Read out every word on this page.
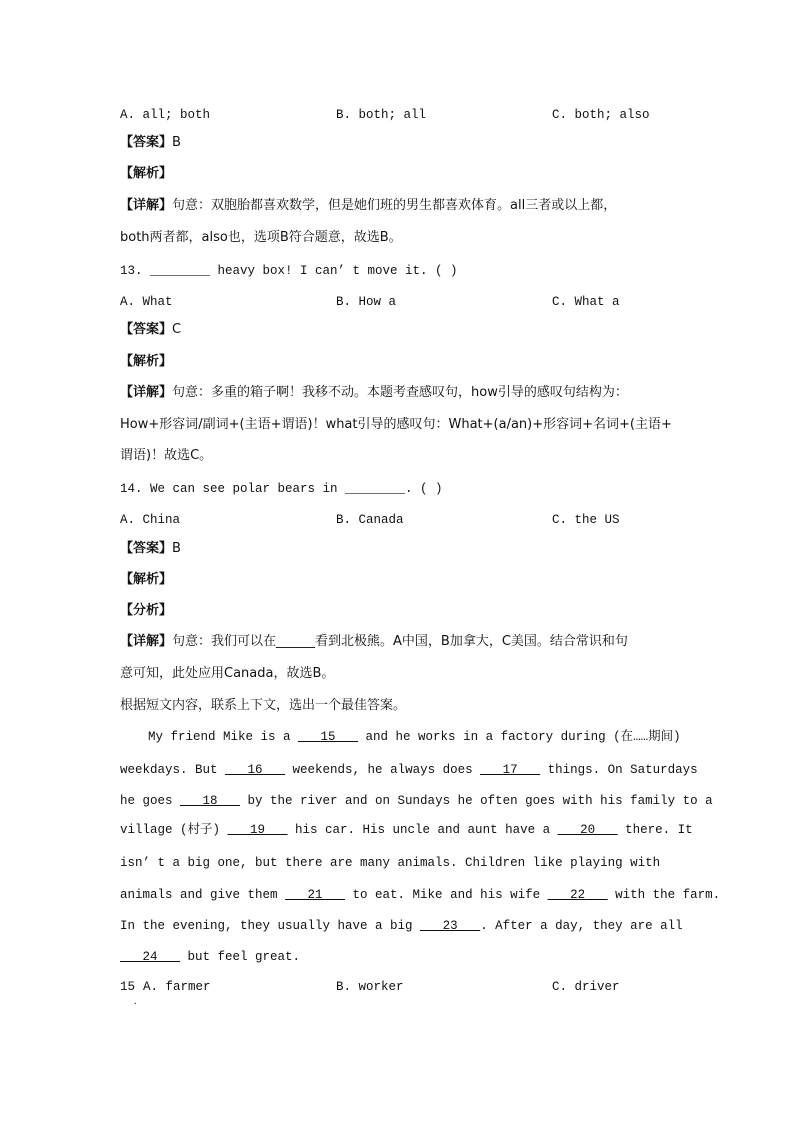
A. all; both	B. both; all	C. both; also
【答案】B
【解析】
【详解】句意：双胞胎都喜欢数学，但是她们班的男生都喜欢体育。all三者或以上都，
both两者都，also也，选项B符合题意，故选B。
13. ________ heavy box! I can’ t move it. ( )
A. What	B. How a	C. What a
【答案】C
【解析】
【详解】句意：多重的箱子啊！我移不动。本题考查感叹句，how引导的感叹句结构为：
How+形容词/副词+(主语+谓语)！what引导的感叹句：What+(a/an)+形容词+名词+(主语+
谓语)！故选C。
14. We can see polar bears in ________. ( )
A. China	B. Canada	C. the US
【答案】B
【解析】
【分析】
【详解】句意：我们可以在______看到北极熊。A中国，B加拿大，C美国。结合常识和句
意可知，此处应用Canada，故选B。
根据短文内容，联系上下文，选出一个最佳答案。
My friend Mike is a ___15___ and he works in a factory during (在……期间)
weekdays. But ___16___ weekends, he always does ___17___ things. On Saturdays
he goes ___18___ by the river and on Sundays he often goes with his family to a
village (村子) ___19___ his car. His uncle and aunt have a ___20___ there. It
isn’ t a big one, but there are many animals. Children like playing with
animals and give them ___21___ to eat. Mike and his wife ___22___ with the farm.
In the evening, they usually have a big ___23___. After a day, they are all
___24___ but feel great.
15 A. farmer	B. worker	C. driver
.
